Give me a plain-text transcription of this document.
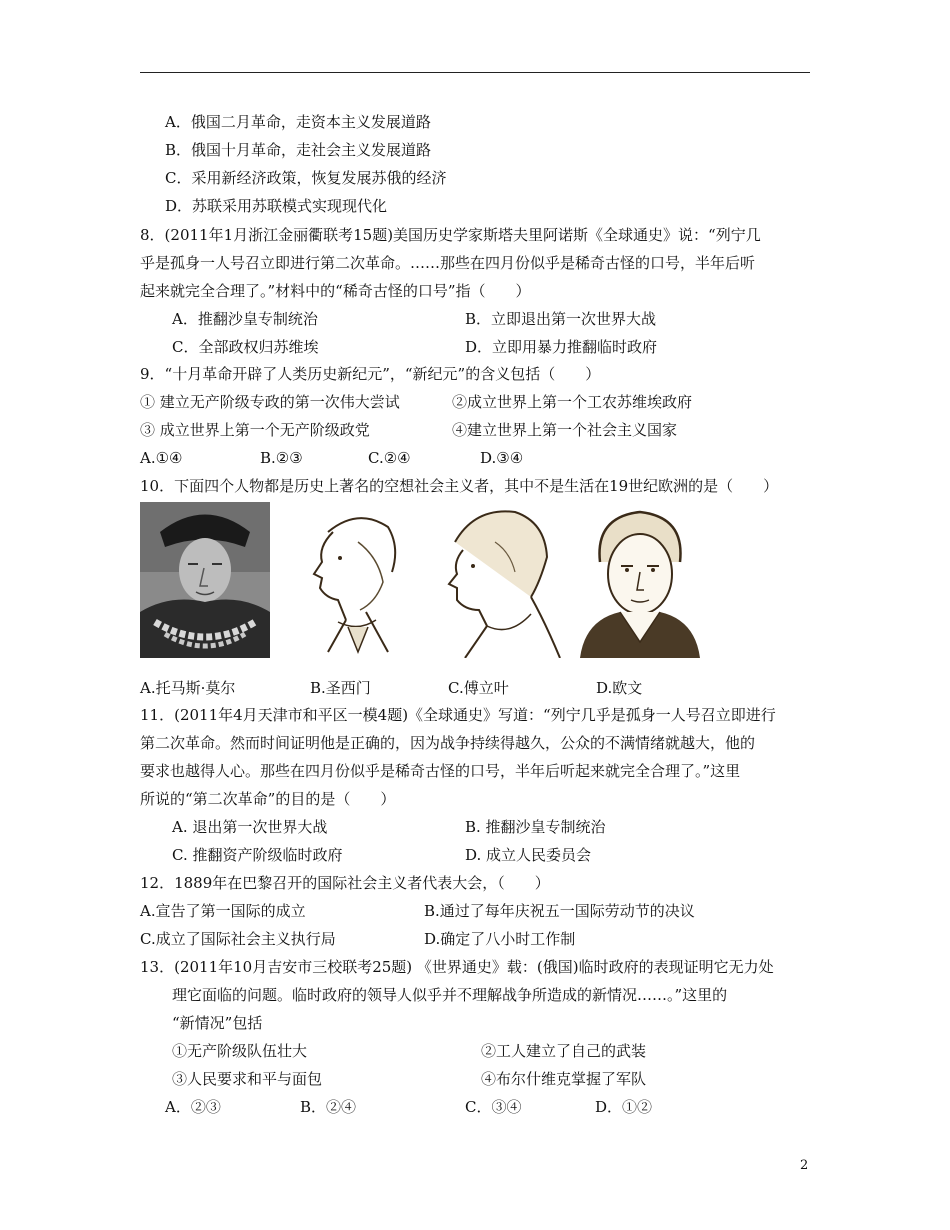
A．俄国二月革命，走资本主义发展道路
B．俄国十月革命，走社会主义发展道路
C．采用新经济政策，恢复发展苏俄的经济
D．苏联采用苏联模式实现现代化
8．(2011年1月浙江金丽衢联考15题)美国历史学家斯塔夫里阿诺斯《全球通史》说：“列宁几
乎是孤身一人号召立即进行第二次革命。……那些在四月份似乎是稀奇古怪的口号，半年后听
起来就完全合理了。”材料中的“稀奇古怪的口号”指（　　）
A．推翻沙皇专制统治	B．立即退出第一次世界大战
C．全部政权归苏维埃	D．立即用暴力推翻临时政府
9．“十月革命开辟了人类历史新纪元”，“新纪元”的含义包括（　　）
① 建立无产阶级专政的第一次伟大尝试	②成立世界上第一个工农苏维埃政府
③ 成立世界上第一个无产阶级政党	④建立世界上第一个社会主义国家
A.①④	B.②③	C.②④	D.③④
10．下面四个人物都是历史上著名的空想社会主义者，其中不是生活在19世纪欧洲的是（　　）
A.托马斯·莫尔	B.圣西门	C.傅立叶	D.欧文
11．(2011年4月天津市和平区一模4题)《全球通史》写道：“列宁几乎是孤身一人号召立即进行
第二次革命。然而时间证明他是正确的，因为战争持续得越久，公众的不满情绪就越大，他的
要求也越得人心。那些在四月份似乎是稀奇古怪的口号，半年后听起来就完全合理了。”这里
所说的“第二次革命”的目的是（　　）
A. 退出第一次世界大战	B. 推翻沙皇专制统治
C. 推翻资产阶级临时政府	D. 成立人民委员会
12．1889年在巴黎召开的国际社会主义者代表大会，（　　）
A.宣告了第一国际的成立	B.通过了每年庆祝五一国际劳动节的决议
C.成立了国际社会主义执行局	D.确定了八小时工作制
13．(2011年10月吉安市三校联考25题) 《世界通史》载：(俄国)临时政府的表现证明它无力处
理它面临的问题。临时政府的领导人似乎并不理解战争所造成的新情况……。”这里的
“新情况”包括
①无产阶级队伍壮大	②工人建立了自己的武装
③人民要求和平与面包	④布尔什维克掌握了军队
A．②③	B．②④	C．③④	D．①②
2
